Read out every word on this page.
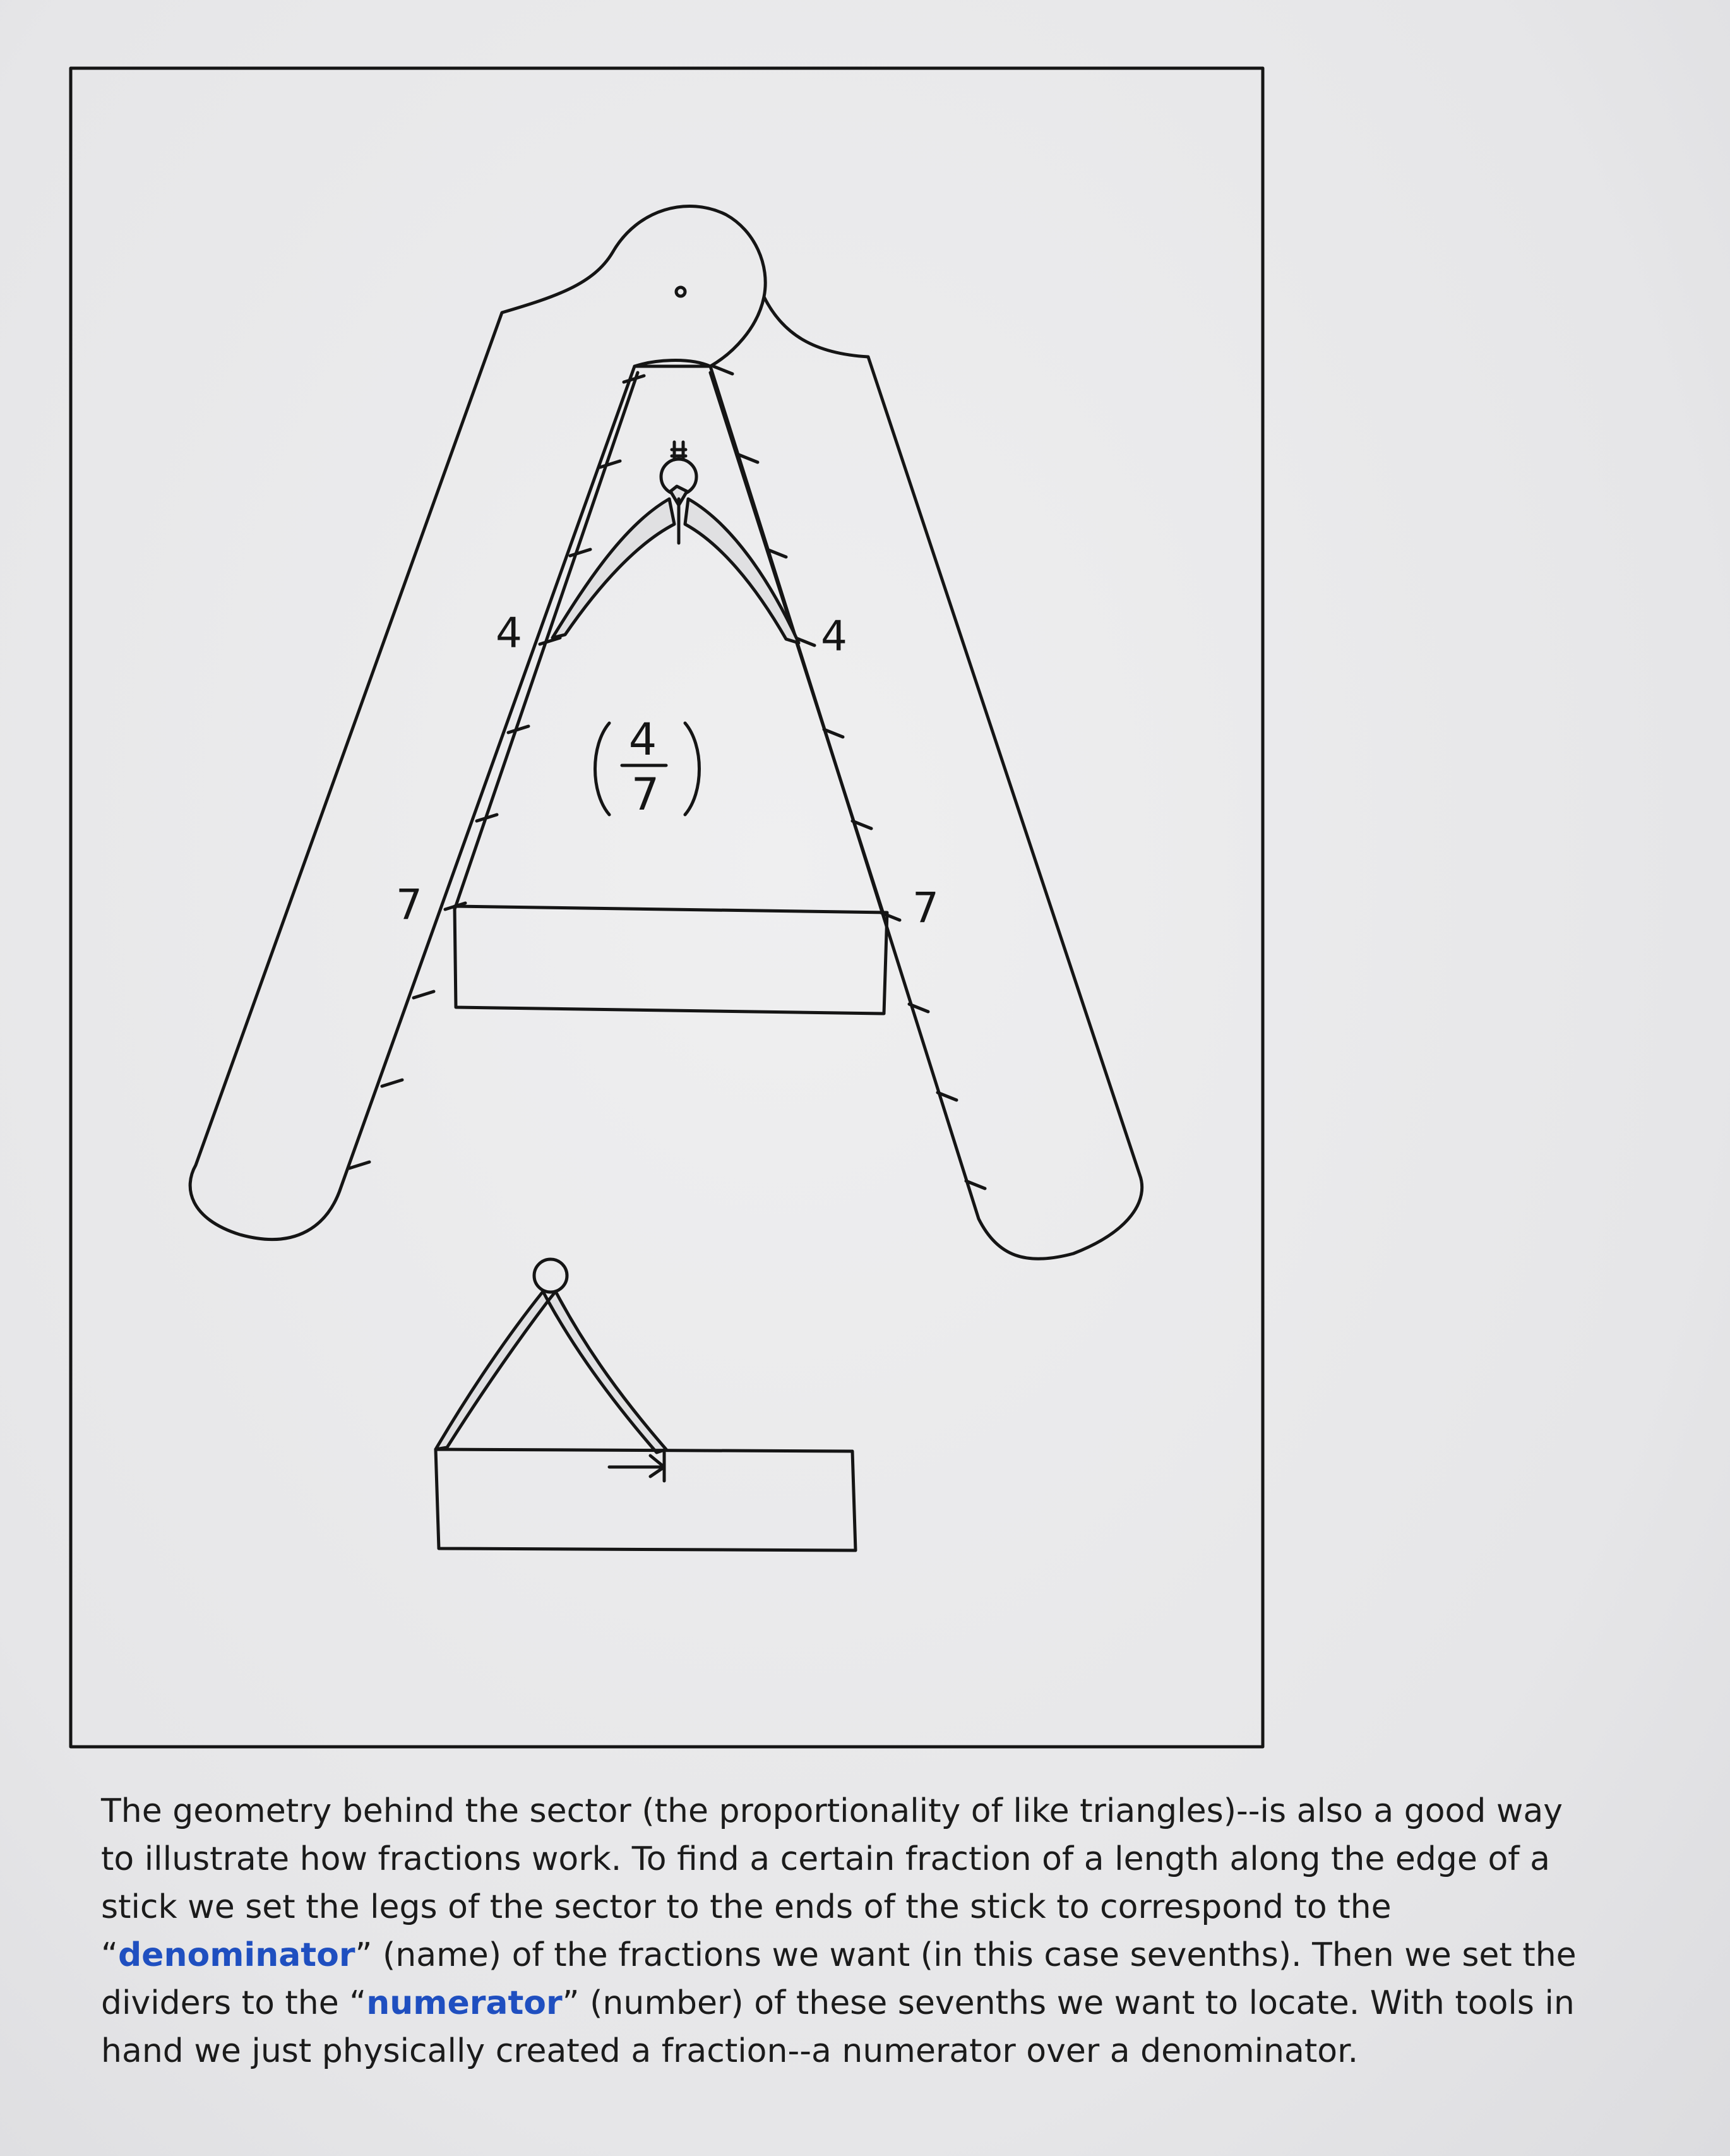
4	4
7	7
4
7
The geometry behind the sector (the proportionality of like triangles)--is also a good way
to illustrate how fractions work. To find a certain fraction of a length along the edge of a
stick we set the legs of the sector to the ends of the stick to correspond to the
“denominator” (name) of the fractions we want (in this case sevenths). Then we set the
dividers to the “numerator” (number) of these sevenths we want to locate. With tools in
hand we just physically created a fraction--a numerator over a denominator.
